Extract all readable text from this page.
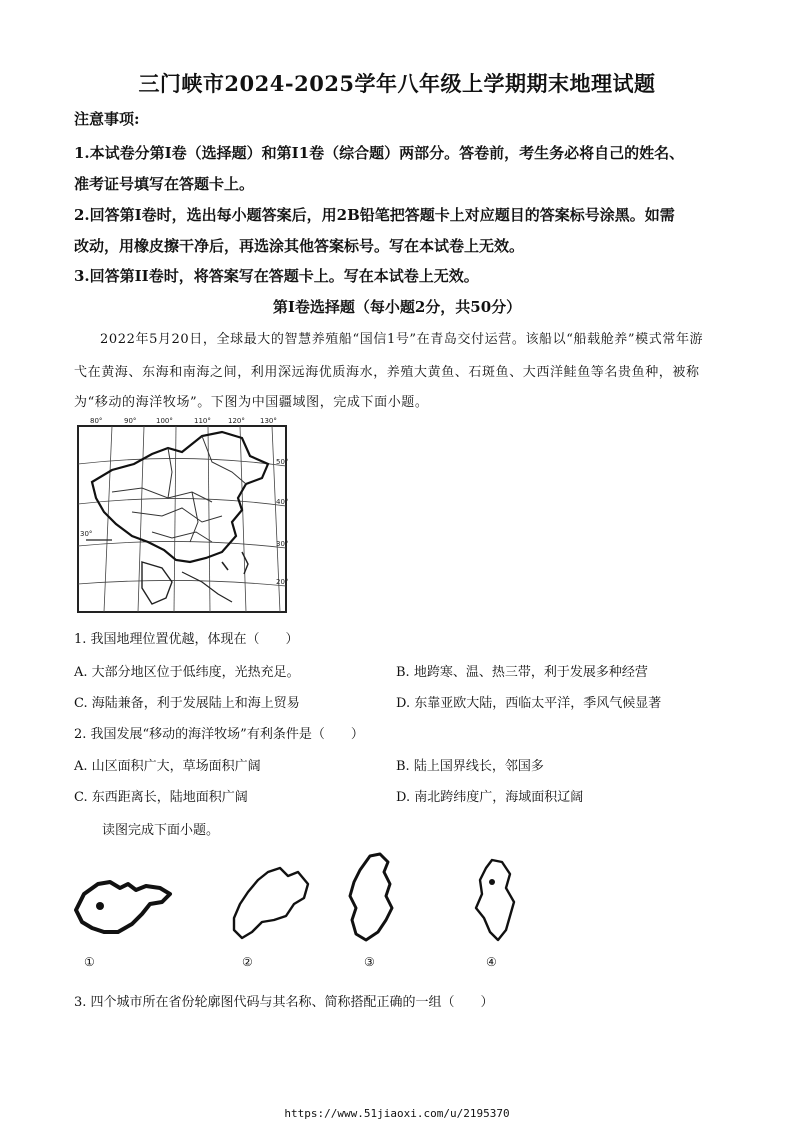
三门峡市2024-2025学年八年级上学期期末地理试题
注意事项:
1.本试卷分第I卷（选择题）和第I1卷（综合题）两部分。答卷前，考生务必将自己的姓名、
准考证号填写在答题卡上。
2.回答第I卷时，选出每小题答案后，用2B铅笔把答题卡上对应题目的答案标号涂黑。如需
改动，用橡皮擦干净后，再选涂其他答案标号。写在本试卷上无效。
3.回答第II卷时，将答案写在答题卡上。写在本试卷上无效。
第I卷选择题（每小题2分，共50分）
2022年5月20日，全球最大的智慧养殖船“国信1号”在青岛交付运营。该船以“船载舱养”模式常年游
弋在黄海、东海和南海之间，利用深远海优质海水，养殖大黄鱼、石斑鱼、大西洋鲑鱼等名贵鱼种，被称
为“移动的海洋牧场”。下图为中国疆域图，完成下面小题。
80°	90°	100°	110° 120° 130°
50°
40°
30°
20°
30°
1. 我国地理位置优越，体现在（　　）
A. 大部分地区位于低纬度，光热充足。	B. 地跨寒、温、热三带，利于发展多种经营
C. 海陆兼备，利于发展陆上和海上贸易	D. 东靠亚欧大陆，西临太平洋，季风气候显著
2. 我国发展“移动的海洋牧场”有利条件是（　　）
A. 山区面积广大，草场面积广阔	B. 陆上国界线长，邻国多
C. 东西距离长，陆地面积广阔	D. 南北跨纬度广，海域面积辽阔
读图完成下面小题。
①	②	③	④
3. 四个城市所在省份轮廓图代码与其名称、简称搭配正确的一组（　　）
https://www.51jiaoxi.com/u/2195370
